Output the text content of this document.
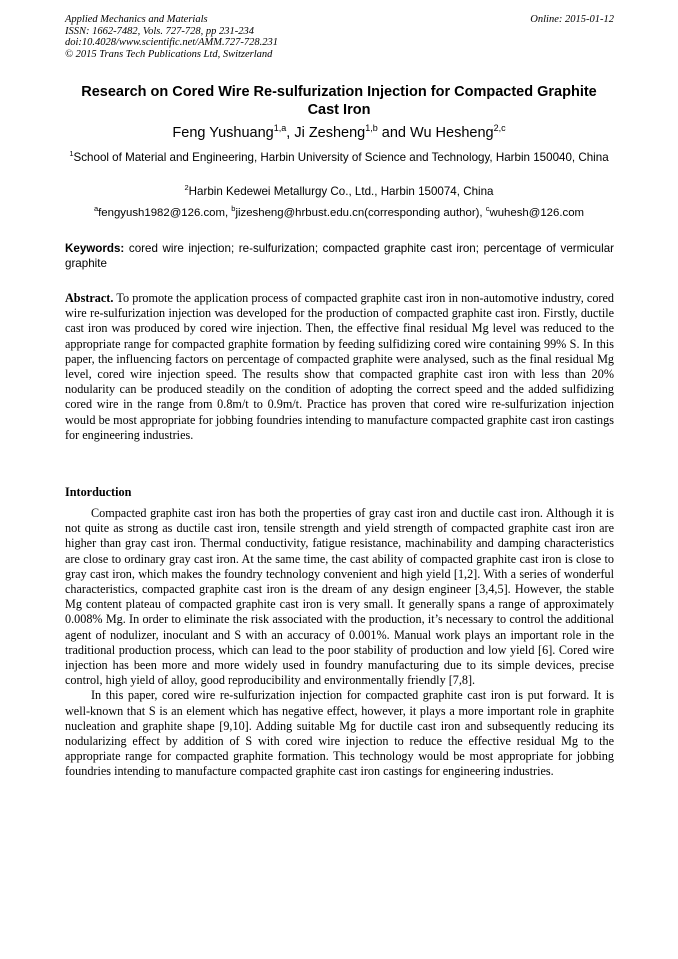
Applied Mechanics and Materials
ISSN: 1662-7482, Vols. 727-728, pp 231-234
doi:10.4028/www.scientific.net/AMM.727-728.231
© 2015 Trans Tech Publications Ltd, Switzerland
Online: 2015-01-12
Research on Cored Wire Re-sulfurization Injection for Compacted Graphite Cast Iron
Feng Yushuang$^{1,a}$, Ji Zesheng$^{1,b}$ and Wu Hesheng$^{2,c}$
$^1$School of Material and Engineering, Harbin University of Science and Technology, Harbin 150040, China
$^2$Harbin Kedewei Metallurgy Co., Ltd., Harbin 150074, China
$^a$fengyush1982@126.com, $^b$jizesheng@hrbust.edu.cn(corresponding author), $^c$wuhesh@126.com
Keywords: cored wire injection; re-sulfurization; compacted graphite cast iron; percentage of vermicular graphite

Abstract. To promote the application process of compacted graphite cast iron in non-automotive industry, cored wire re-sulfurization injection was developed for the production of compacted graphite cast iron. Firstly, ductile cast iron was produced by cored wire injection. Then, the effective final residual Mg level was reduced to the appropriate range for compacted graphite formation by feeding sulfidizing cored wire containing 99% S. In this paper, the influencing factors on percentage of compacted graphite were analysed, such as the final residual Mg level, cored wire injection speed. The results show that compacted graphite cast iron with less than 20% nodularity can be produced steadily on the condition of adopting the correct speed and the added sulfidizing cored wire in the range from 0.8m/t to 0.9m/t. Practice has proven that cored wire re-sulfurization injection would be most appropriate for jobbing foundries intending to manufacture compacted graphite cast iron castings for engineering industries.

Intorduction

Compacted graphite cast iron has both the properties of gray cast iron and ductile cast iron. Although it is not quite as strong as ductile cast iron, tensile strength and yield strength of compacted graphite cast iron are higher than gray cast iron. Thermal conductivity, fatigue resistance, machinability and damping characteristics are close to ordinary gray cast iron. At the same time, the cast ability of compacted graphite cast iron is close to gray cast iron, which makes the foundry technology convenient and high yield [1,2]. With a series of wonderful characteristics, compacted graphite cast iron is the dream of any design engineer [3,4,5]. However, the stable Mg content plateau of compacted graphite cast iron is very small. It generally spans a range of approximately 0.008% Mg. In order to eliminate the risk associated with the production, it’s necessary to control the additional agent of nodulizer, inoculant and S with an accuracy of 0.001%. Manual work plays an important role in the traditional production process, which can lead to the poor stability of production and low yield [6]. Cored wire injection has been more and more widely used in foundry manufacturing due to its simple devices, precise control, high yield of alloy, good reproducibility and environmentally friendly [7,8].

In this paper, cored wire re-sulfurization injection for compacted graphite cast iron is put forward. It is well-known that S is an element which has negative effect, however, it plays a more important role in graphite nucleation and graphite shape [9,10]. Adding suitable Mg for ductile cast iron and subsequently reducing its nodularizing effect by addition of S with cored wire injection to reduce the effective residual Mg to the appropriate range for compacted graphite formation. This technology would be most appropriate for jobbing foundries intending to manufacture compacted graphite cast iron castings for engineering industries.
